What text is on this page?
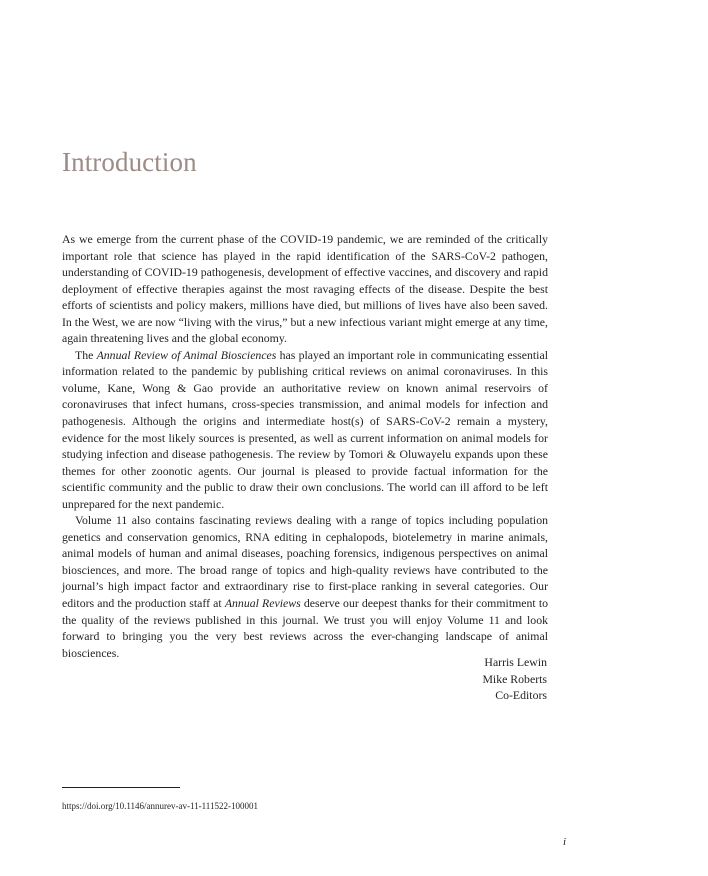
Introduction

As we emerge from the current phase of the COVID-19 pandemic, we are reminded of the critically important role that science has played in the rapid identification of the SARS-CoV-2 pathogen, understanding of COVID-19 pathogenesis, development of effective vaccines, and discovery and rapid deployment of effective therapies against the most ravaging effects of the disease. Despite the best efforts of scientists and policy makers, millions have died, but millions of lives have also been saved. In the West, we are now “living with the virus,” but a new infectious variant might emerge at any time, again threatening lives and the global economy.

The Annual Review of Animal Biosciences has played an important role in communicating essential information related to the pandemic by publishing critical reviews on animal coronaviruses. In this volume, Kane, Wong & Gao provide an authoritative review on known animal reservoirs of coronaviruses that infect humans, cross-species transmission, and animal models for infection and pathogenesis. Although the origins and intermediate host(s) of SARS-CoV-2 remain a mystery, evidence for the most likely sources is presented, as well as current information on animal models for studying infection and disease pathogenesis. The review by Tomori & Oluwayelu expands upon these themes for other zoonotic agents. Our journal is pleased to provide factual information for the scientific community and the public to draw their own conclusions. The world can ill afford to be left unprepared for the next pandemic.

Volume 11 also contains fascinating reviews dealing with a range of topics including population genetics and conservation genomics, RNA editing in cephalopods, biotelemetry in marine animals, animal models of human and animal diseases, poaching forensics, indigenous perspectives on animal biosciences, and more. The broad range of topics and high-quality reviews have contributed to the journal’s high impact factor and extraordinary rise to first-place ranking in several categories. Our editors and the production staff at Annual Reviews deserve our deepest thanks for their commitment to the quality of the reviews published in this journal. We trust you will enjoy Volume 11 and look forward to bringing you the very best reviews across the ever-changing landscape of animal biosciences.

Harris Lewin
Mike Roberts
Co-Editors
https://doi.org/10.1146/annurev-av-11-111522-100001
i
